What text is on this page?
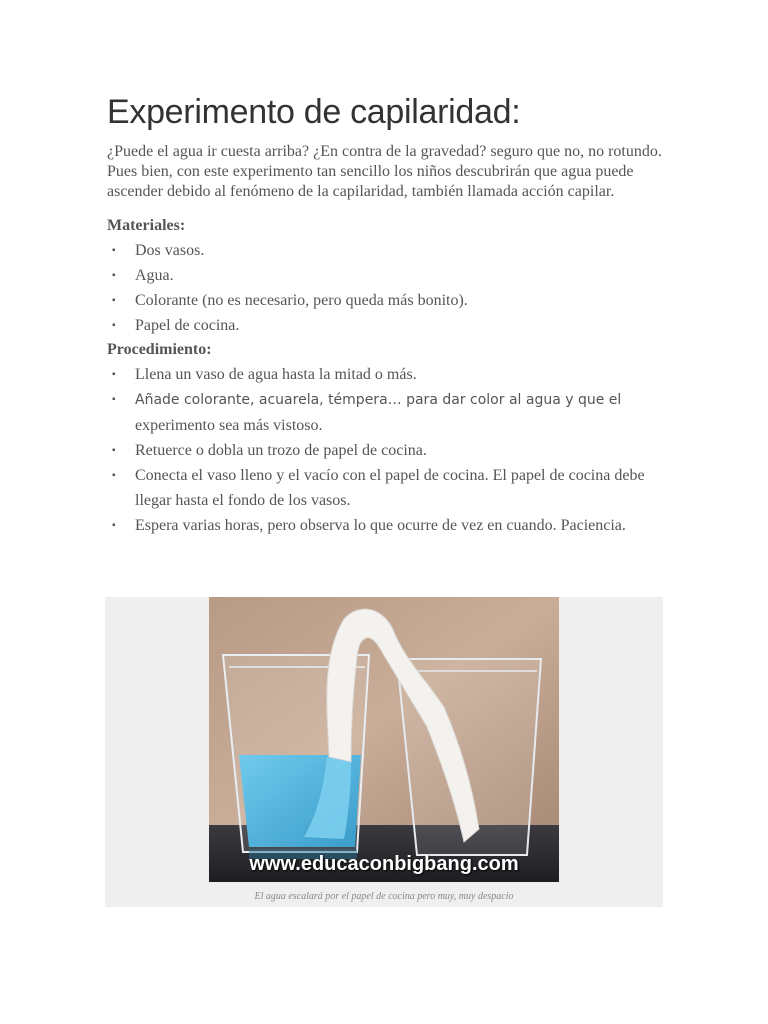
Experimento de capilaridad:

¿Puede el agua ir cuesta arriba? ¿En contra de la gravedad? seguro que no, no rotundo. Pues bien, con este experimento tan sencillo los niños descubrirán que agua puede ascender debido al fenómeno de la capilaridad, también llamada acción capilar.

Materiales:

▪ Dos vasos.
▪ Agua.
▪ Colorante (no es necesario, pero queda más bonito).
▪ Papel de cocina.

Procedimiento:

▪ Llena un vaso de agua hasta la mitad o más.
▪ Añade colorante, acuarela, témpera… para dar color al agua y que el experimento sea más vistoso.
▪ Retuerce o dobla un trozo de papel de cocina.
▪ Conecta el vaso lleno y el vacío con el papel de cocina. El papel de cocina debe llegar hasta el fondo de los vasos.
▪ Espera varias horas, pero observa lo que ocurre de vez en cuando. Paciencia.
www.educaconbigbang.com
El agua escalará por el papel de cocina pero muy, muy despacio
